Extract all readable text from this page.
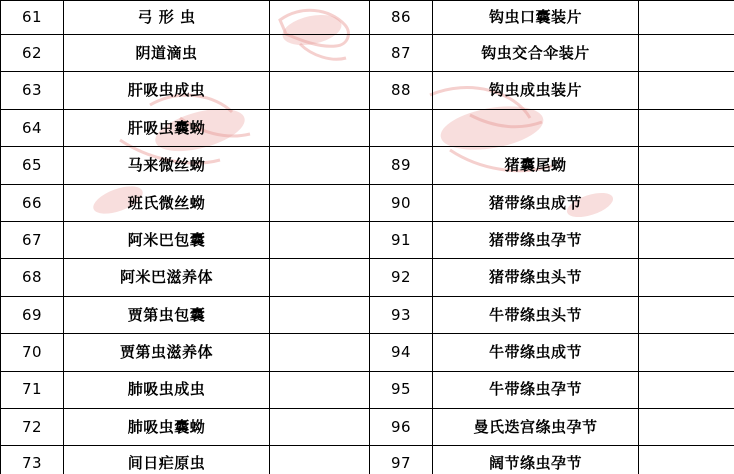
61	弓 形 虫		86	钩虫口囊装片	
62	阴道滴虫		87	钩虫交合伞装片	
63	肝吸虫成虫		88	钩虫成虫装片	
64	肝吸虫囊蚴				
65	马来微丝蚴		89	猪囊尾蚴	
66	班氏微丝蚴		90	猪带绦虫成节	
67	阿米巴包囊		91	猪带绦虫孕节	
68	阿米巴滋养体		92	猪带绦虫头节	
69	贾第虫包囊		93	牛带绦虫头节	
70	贾第虫滋养体		94	牛带绦虫成节	
71	肺吸虫成虫		95	牛带绦虫孕节	
72	肺吸虫囊蚴		96	曼氏迭宫绦虫孕节	
73	间日疟原虫		97	阔节绦虫孕节	
